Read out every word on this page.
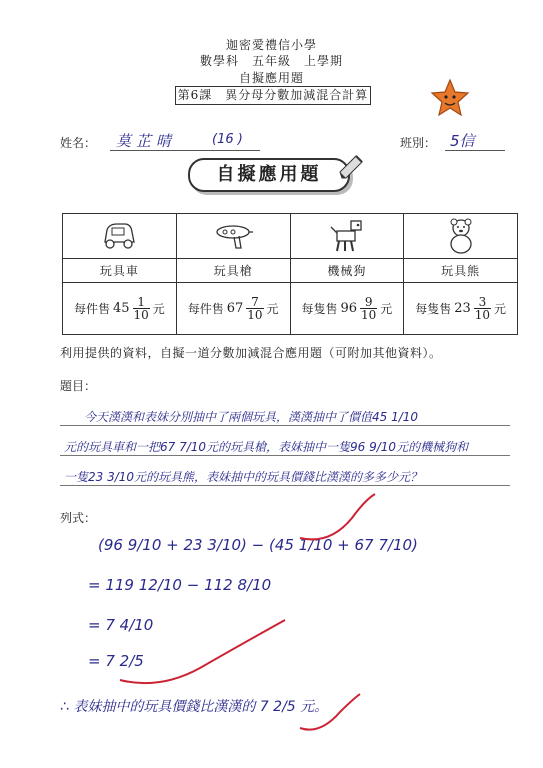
迦密愛禮信小學
數學科　五年級　上學期
自擬應用題
第6課　異分母分數加減混合計算
姓名： 莫芷晴	(16 )	班別： 5信
自擬應用題

玩具車	玩具槍	機械狗	玩具熊

每件售 $45 \frac{1}{10}$ 元	每件售 $67 \frac{7}{10}$ 元	每隻售 $96 \frac{9}{10}$ 元	每隻售 $23 \frac{3}{10}$ 元
利用提供的資料，自擬一道分數加減混合應用題（可附加其他資料）。
題目：
今天漢漢和表妹分別抽中了兩個玩具，漢漢抽中了價值45 1/10
元的玩具車和一把67 7/10元的玩具槍，表妹抽中一隻96 9/10元的機械狗和
一隻23 3/10元的玩具熊，表妹抽中的玩具價錢比漢漢的多多少元？
列式：
(96 9/10 + 23 3/10) − (45 1/10 + 67 7/10)
= 119 12/10 − 112 8/10
= 7 4/10
= 7 2/5
∴ 表妹抽中的玩具價錢比漢漢的 7 2/5 元。
